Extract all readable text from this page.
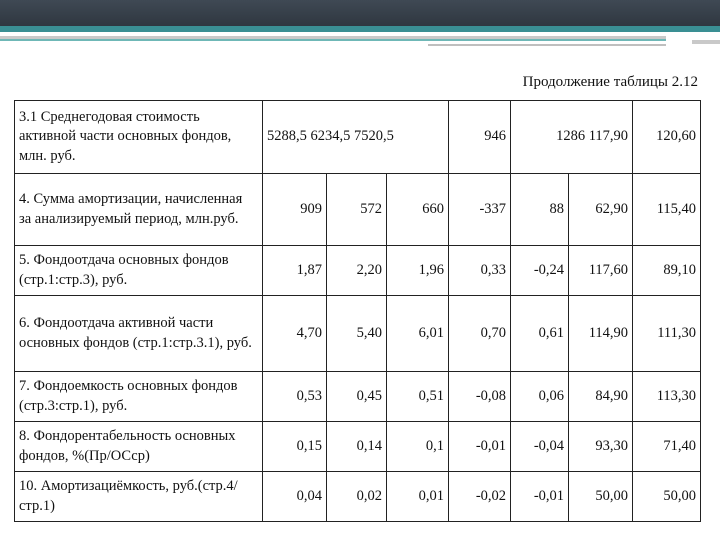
Продолжение таблицы 2.12
3.1 Среднегодовая стоимость активной части основных фондов, млн. руб.	5288,5 6234,5 7520,5			946	1286 117,90		120,60
4. Сумма амортизации, начисленная за анализируемый период, млн.руб.	909	572	660	-337	88	62,90	115,40
5. Фондоотдача основных фондов (стр.1:стр.3), руб.	1,87	2,20	1,96	0,33	-0,24	117,60	89,10
6. Фондоотдача активной части основных фондов (стр.1:стр.3.1), руб.	4,70	5,40	6,01	0,70	0,61	114,90	111,30
7. Фондоемкость основных фондов (стр.3:стр.1), руб.	0,53	0,45	0,51	-0,08	0,06	84,90	113,30
8. Фондорентабельность основных фондов, %(Пр/ОСср)	0,15	0,14	0,1	-0,01	-0,04	93,30	71,40
10. Амортизациёмкость, руб.(стр.4/стр.1)	0,04	0,02	0,01	-0,02	-0,01	50,00	50,00
